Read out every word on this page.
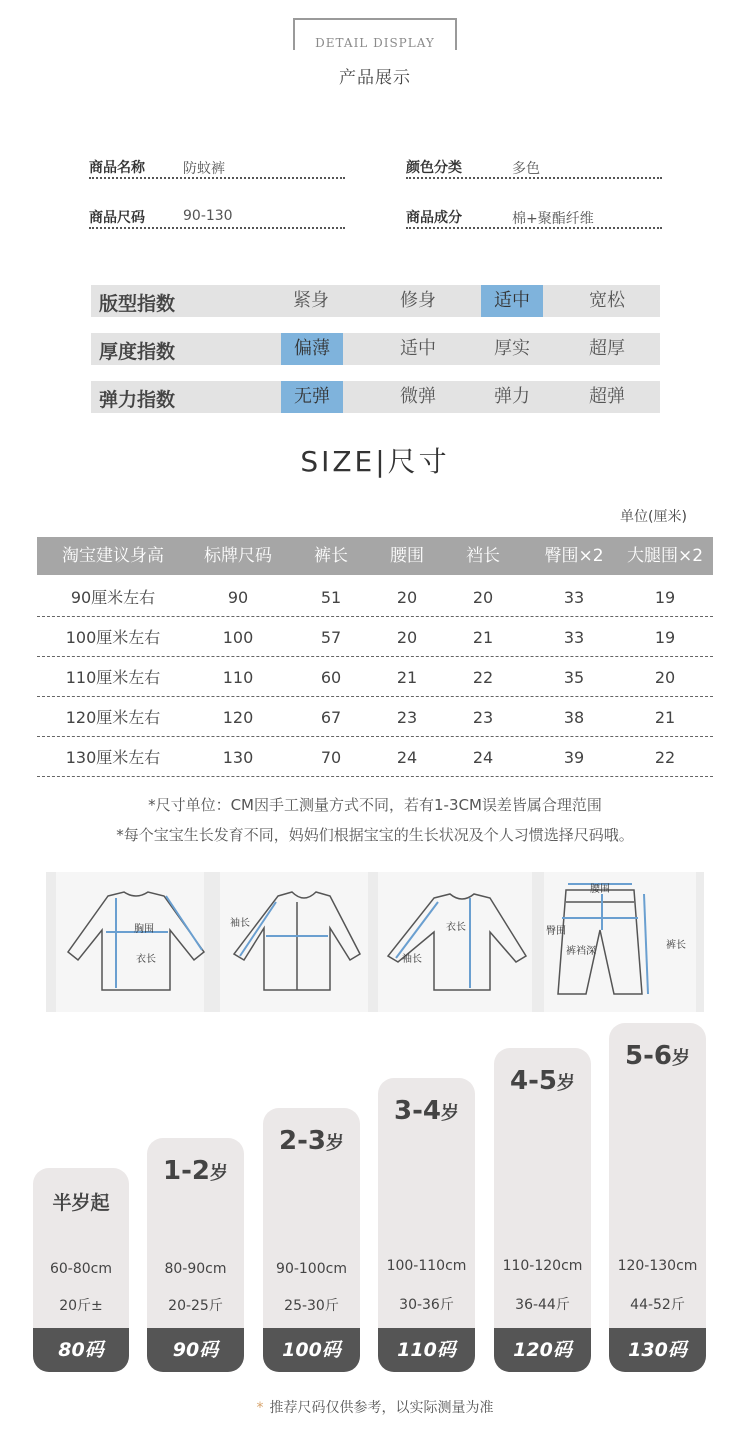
DETAIL DISPLAY
产品展示
商品名称	防蚊裤	颜色分类	多色
商品尺码	90-130	商品成分	棉+聚酯纤维
版型指数	紧身	修身	适中	宽松
厚度指数	偏薄	适中	厚实	超厚
弹力指数	无弹	微弹	弹力	超弹
SIZE|尺寸
单位(厘米)
淘宝建议身高	标牌尺码	裤长	腰围	裆长	臀围×2	大腿围×2
90厘米左右	90	51	20	20	33	19
100厘米左右	100	57	20	21	33	19
110厘米左右	110	60	21	22	35	20
120厘米左右	120	67	23	23	38	21
130厘米左右	130	70	24	24	39	22
*尺寸单位：CM因手工测量方式不同，若有1-3CM误差皆属合理范围
*每个宝宝生长发育不同，妈妈们根据宝宝的生长状况及个人习惯选择尺码哦。
胸围
衣长
袖长	衣长
袖长
腰围
臀围
裤裆深
裤长
半岁起
60-80cm
20斤±
80码
1-2岁
80-90cm
20-25斤
90码
2-3岁
90-100cm
25-30斤
100码
3-4岁
100-110cm
30-36斤
110码
4-5岁
110-120cm
36-44斤
120码
5-6岁
120-130cm
44-52斤
130码
* 推荐尺码仅供参考，以实际测量为准
